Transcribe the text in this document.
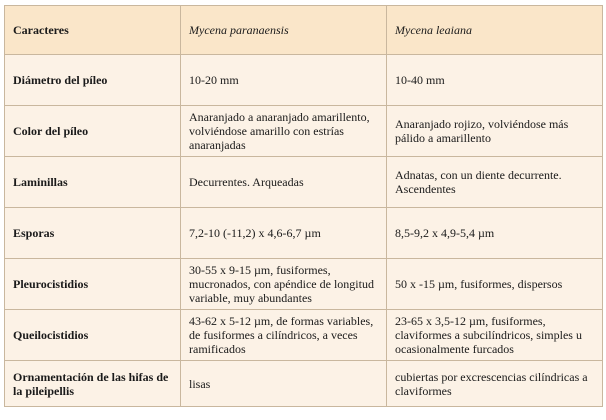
Caracteres	Mycena paranaensis	Mycena leaiana
Diámetro del píleo	10-20 mm	10-40 mm
Color del píleo	Anaranjado a anaranjado amarillento, volviéndose amarillo con estrías anaranjadas	Anaranjado rojizo, volviéndose más pálido a amarillento
Laminillas	Decurrentes. Arqueadas	Adnatas, con un diente decurrente. Ascendentes
Esporas	7,2-10 (-11,2) x 4,6-6,7 µm	8,5-9,2 x 4,9-5,4 µm
Pleurocistidios	30-55 x 9-15 µm, fusiformes, mucronados, con apéndice de longitud variable, muy abundantes	50 x -15 µm, fusiformes, dispersos
Queilocistidios	43-62 x 5-12 µm, de formas variables, de fusiformes a cilíndricos, a veces ramificados	23-65 x 3,5-12 µm, fusiformes, claviformes a subcilíndricos, simples u ocasionalmente furcados
Ornamentación de las hifas de la pileipellis	lisas	cubiertas por excrescencias cilíndricas a claviformes
